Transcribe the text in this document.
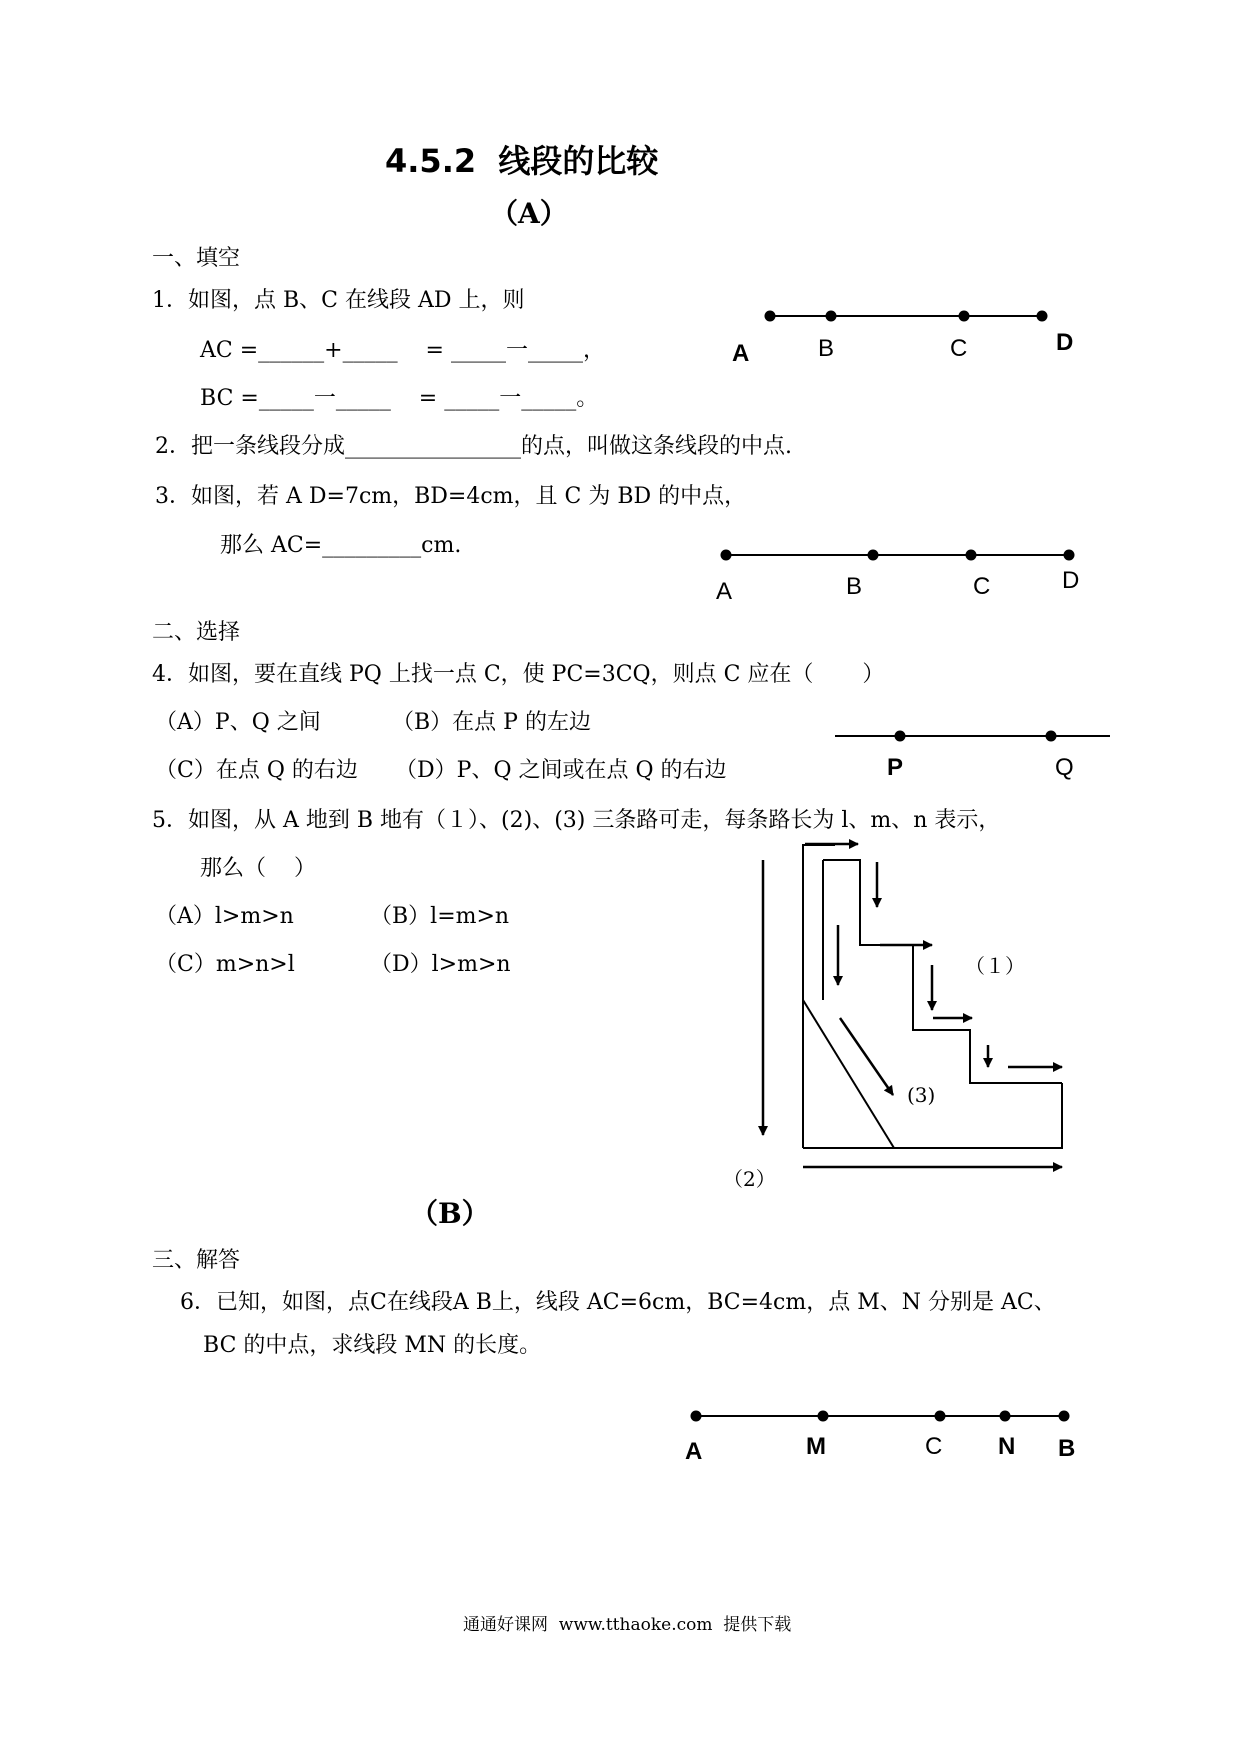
4.5.2  线段的比较
（A）
一、填空
1．如图，点 B、C 在线段 AD 上，则
AC =______+_____    = _____一_____，
BC =_____一_____    = _____一_____。
2．把一条线段分成________________的点，叫做这条线段的中点.
3．如图，若 A D=7cm，BD=4cm，且 C 为 BD 的中点，
那么 AC=_________cm.
二、选择
4．如图，要在直线 PQ 上找一点 C，使 PC=3CQ，则点 C 应在（       ）
（A）P、Q 之间	（B）在点 P 的左边
（C）在点 Q 的右边 （D）P、Q 之间或在点 Q 的右边
5．如图，从 A 地到 B 地有（１）、(2)、(3) 三条路可走，每条路长为 l、m、n 表示，
那么（    ）
（A）l>m>n	（B）l=m>n
（C）m>n>l	（D）l>m>n
（B）
三、解答
6．已知，如图，点C在线段A B上，线段 AC=6cm，BC=4cm，点 M、N 分别是 AC、
BC 的中点，求线段 MN 的长度。
通通好课网  www.tthaoke.com  提供下载
A	B	C	D
A	B	C	D
P	Q
（１）
(3)
（2）
A	M	C N B
